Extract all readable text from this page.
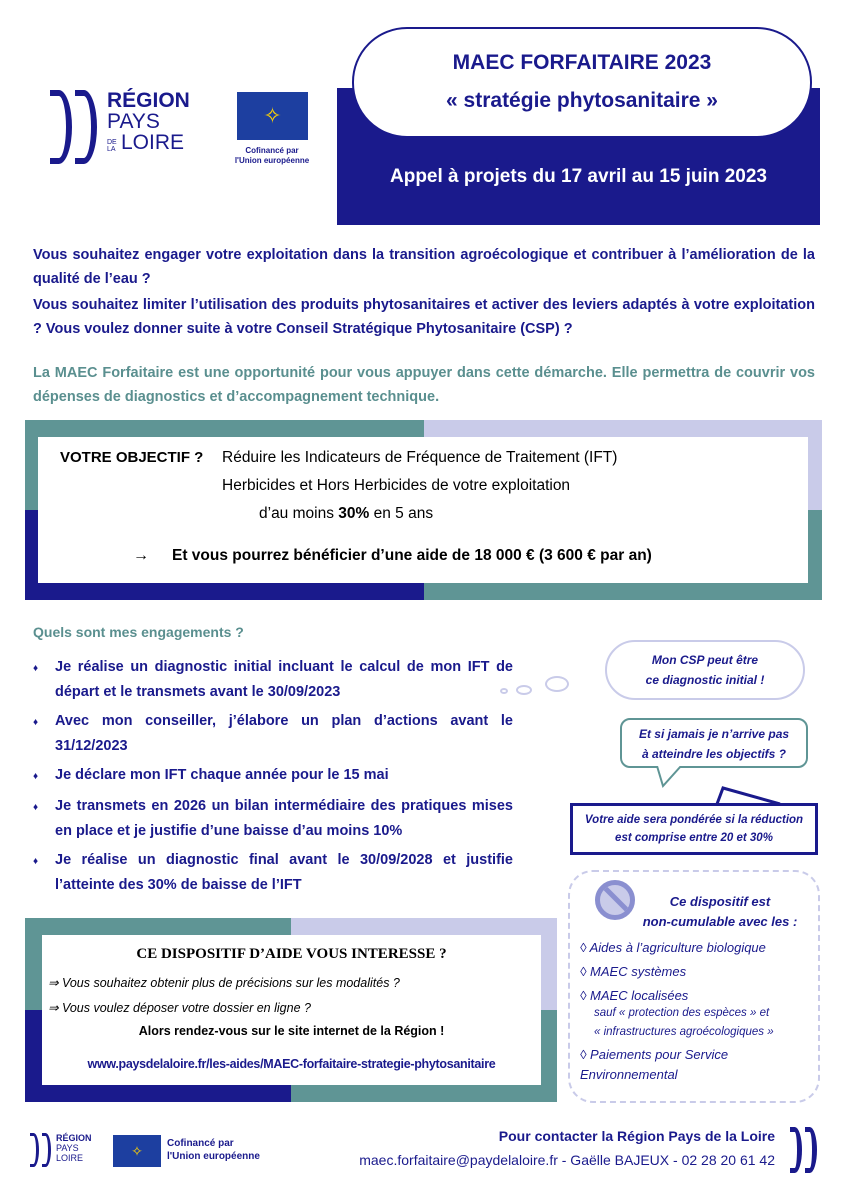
RÉGION
PAYS
DE LA LOIRE
✧
Cofinancé par
l'Union européenne
MAEC FORFAITAIRE 2023
« stratégie phytosanitaire »
Appel à projets du 17 avril au 15 juin 2023
Vous souhaitez engager votre exploitation dans la transition agroécologique et contribuer à l’amélioration de la qualité de l’eau ?
Vous souhaitez limiter l’utilisation des produits phytosanitaires et activer des leviers adaptés à votre exploitation ? Vous voulez donner suite à votre Conseil Stratégique Phytosanitaire (CSP) ?
La MAEC Forfaitaire est une opportunité pour vous appuyer dans cette démarche. Elle permettra de couvrir vos dépenses de diagnostics et d’accompagnement technique.
VOTRE OBJECTIF ? Réduire les Indicateurs de Fréquence de Traitement (IFT)
Herbicides et Hors Herbicides de votre exploitation
d’au moins 30% en 5 ans
→ Et vous pourrez bénéficier d’une aide de 18 000 € (3 600 € par an)
Quels sont mes engagements ?
♦	Je réalise un diagnostic initial incluant le calcul de mon IFT de départ et le transmets avant le 30/09/2023
♦	Avec mon conseiller, j’élabore un plan d’actions avant le 31/12/2023
♦	Je déclare mon IFT chaque année pour le 15 mai
♦	Je transmets en 2026 un bilan intermédiaire des pratiques mises en place et je justifie d’une baisse d’au moins 10%
♦	Je réalise un diagnostic final avant le 30/09/2028 et justifie l’atteinte des 30% de baisse de l’IFT
Mon CSP peut être
ce diagnostic initial !
Et si jamais je n’arrive pas
à atteindre les objectifs ?
Votre aide sera pondérée si la réduction
est comprise entre 20 et 30%
Ce dispositif est
non-cumulable avec les :
◊ Aides à l’agriculture biologique
◊ MAEC systèmes
◊ MAEC localisées
sauf « protection des espèces » et
« infrastructures agroécologiques »
◊ Paiements pour Service Environnemental
CE DISPOSITIF D’AIDE VOUS INTERESSE ?
⇒ Vous souhaitez obtenir plus de précisions sur les modalités ?
⇒ Vous voulez déposer votre dossier en ligne ?
Alors rendez-vous sur le site internet de la Région !
www.paysdelaloire.fr/les-aides/MAEC-forfaitaire-strategie-phytosanitaire
RÉGION
PAYS
LOIRE	✧	Cofinancé par
l'Union européenne
Pour contacter la Région Pays de la Loire
maec.forfaitaire@paydelaloire.fr - Gaëlle BAJEUX - 02 28 20 61 42
